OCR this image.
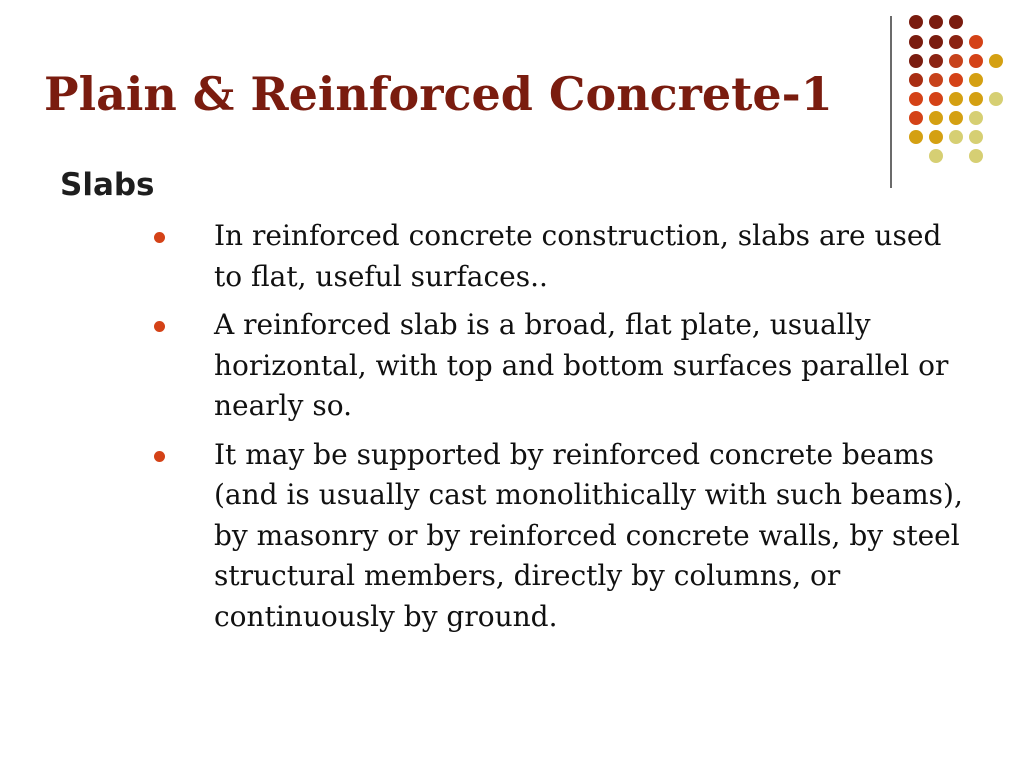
Plain & Reinforced Concrete-1
Slabs
In reinforced concrete construction, slabs are used to flat, useful surfaces..
A reinforced slab is a broad, flat plate, usually horizontal, with top and bottom surfaces parallel or nearly so.
It may be supported by reinforced concrete beams (and is usually cast monolithically with such beams), by masonry or by reinforced concrete walls, by steel structural members, directly by columns, or continuously by ground.
